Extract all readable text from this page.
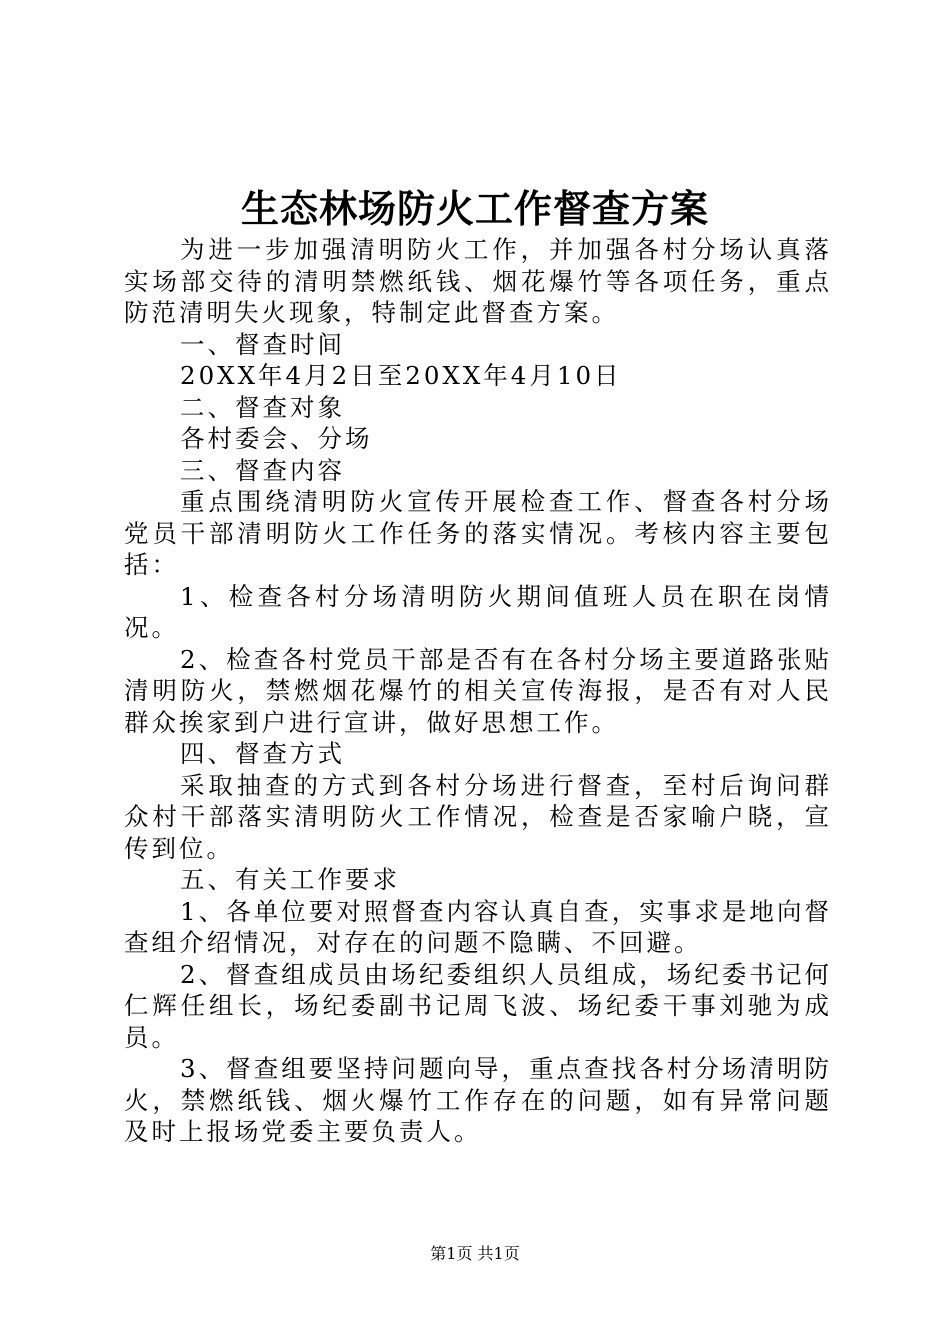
生态林场防火工作督查方案

为进一步加强清明防火工作，并加强各村分场认真落实场部交待的清明禁燃纸钱、烟花爆竹等各项任务，重点防范清明失火现象，特制定此督查方案。

一、督查时间

20XX年4月2日至20XX年4月10日

二、督查对象

各村委会、分场

三、督查内容

重点围绕清明防火宣传开展检查工作、督查各村分场党员干部清明防火工作任务的落实情况。考核内容主要包括：

1、检查各村分场清明防火期间值班人员在职在岗情况。

2、检查各村党员干部是否有在各村分场主要道路张贴清明防火，禁燃烟花爆竹的相关宣传海报，是否有对人民群众挨家到户进行宣讲，做好思想工作。

四、督查方式

采取抽查的方式到各村分场进行督查，至村后询问群众村干部落实清明防火工作情况，检查是否家喻户晓，宣传到位。

五、有关工作要求

1、各单位要对照督查内容认真自查，实事求是地向督查组介绍情况，对存在的问题不隐瞒、不回避。

2、督查组成员由场纪委组织人员组成，场纪委书记何仁辉任组长，场纪委副书记周飞波、场纪委干事刘驰为成员。

3、督查组要坚持问题向导，重点查找各村分场清明防火，禁燃纸钱、烟火爆竹工作存在的问题，如有异常问题及时上报场党委主要负责人。

第1页 共1页
